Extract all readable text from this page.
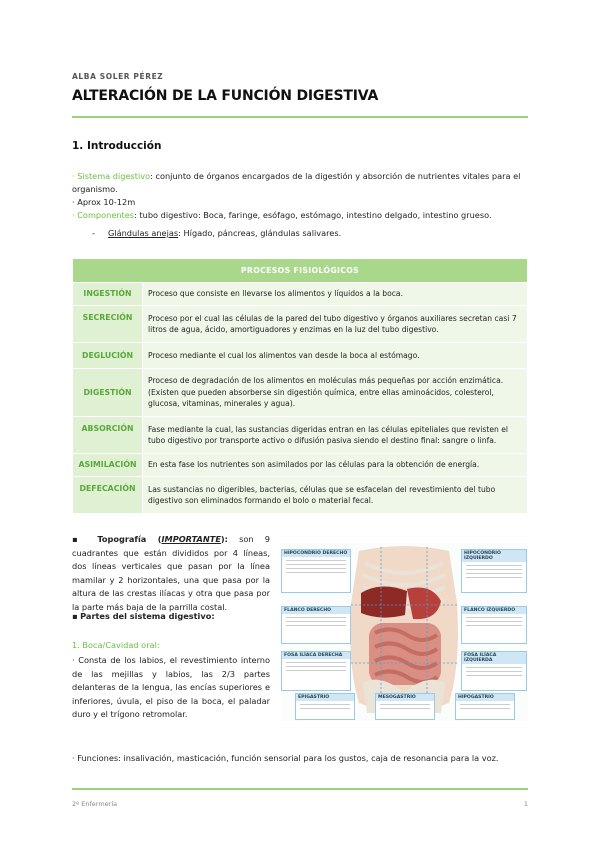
ALBA SOLER PÉREZ
ALTERACIÓN DE LA FUNCIÓN DIGESTIVA
1. Introducción
· Sistema digestivo: conjunto de órganos encargados de la digestión y absorción de nutrientes vitales para el organismo.
· Aprox 10-12m
· Componentes: tubo digestivo: Boca, faringe, esófago, estómago, intestino delgado, intestino grueso.
-     Glándulas anejas: Hígado, páncreas, glándulas salivares.
PROCESOS FISIOLÓGICOS	
INGESTIÓN	Proceso que consiste en llevarse los alimentos y líquidos a la boca.
SECRECIÓN	Proceso por el cual las células de la pared del tubo digestivo y órganos auxiliares secretan casi 7 litros de agua, ácido, amortiguadores y enzimas en la luz del tubo digestivo.
DEGLUCIÓN	Proceso mediante el cual los alimentos van desde la boca al estómago.
DIGESTIÓN	Proceso de degradación de los alimentos en moléculas más pequeñas por acción enzimática. (Existen que pueden absorberse sin digestión química, entre ellas aminoácidos, colesterol, glucosa, vitaminas, minerales y agua).
ABSORCIÓN	Fase mediante la cual, las sustancias digeridas entran en las células epiteliales que revisten el tubo digestivo por transporte activo o difusión pasiva siendo el destino final: sangre o linfa.
ASIMILACIÓN	En esta fase los nutrientes son asimilados por las células para la obtención de energía.
DEFECACIÓN	Las sustancias no digeribles, bacterias, células que se esfacelan del revestimiento del tubo digestivo son eliminados formando el bolo o material fecal.
▪ Topografía (IMPORTANTE): son 9 cuadrantes que están divididos por 4 líneas, dos líneas verticales que pasan por la línea mamilar y 2 horizontales, una que pasa por la altura de las crestas ilíacas y otra que pasa por la parte más baja de la parrilla costal.
▪ Partes del sistema digestivo:
1. Boca/Cavidad oral:
· Consta de los labios, el revestimiento interno de las mejillas y labios, las 2/3 partes delanteras de la lengua, las encías superiores e inferiores, úvula, el piso de la boca, el paladar duro y el trígono retromolar.
· Funciones: insalivación, masticación, función sensorial para los gustos, caja de resonancia para la voz.
HIPOCONDRIO DERECHO	HIPOCONDRIO IZQUIERDO
FLANCO DERECHO	FLANCO IZQUIERDO
FOSA ILÍACA DERECHA	FOSA ILÍACA IZQUIERDA
EPIGASTRIO	MESOGASTRIO	HIPOGASTRIO
2º Enfermería	1
